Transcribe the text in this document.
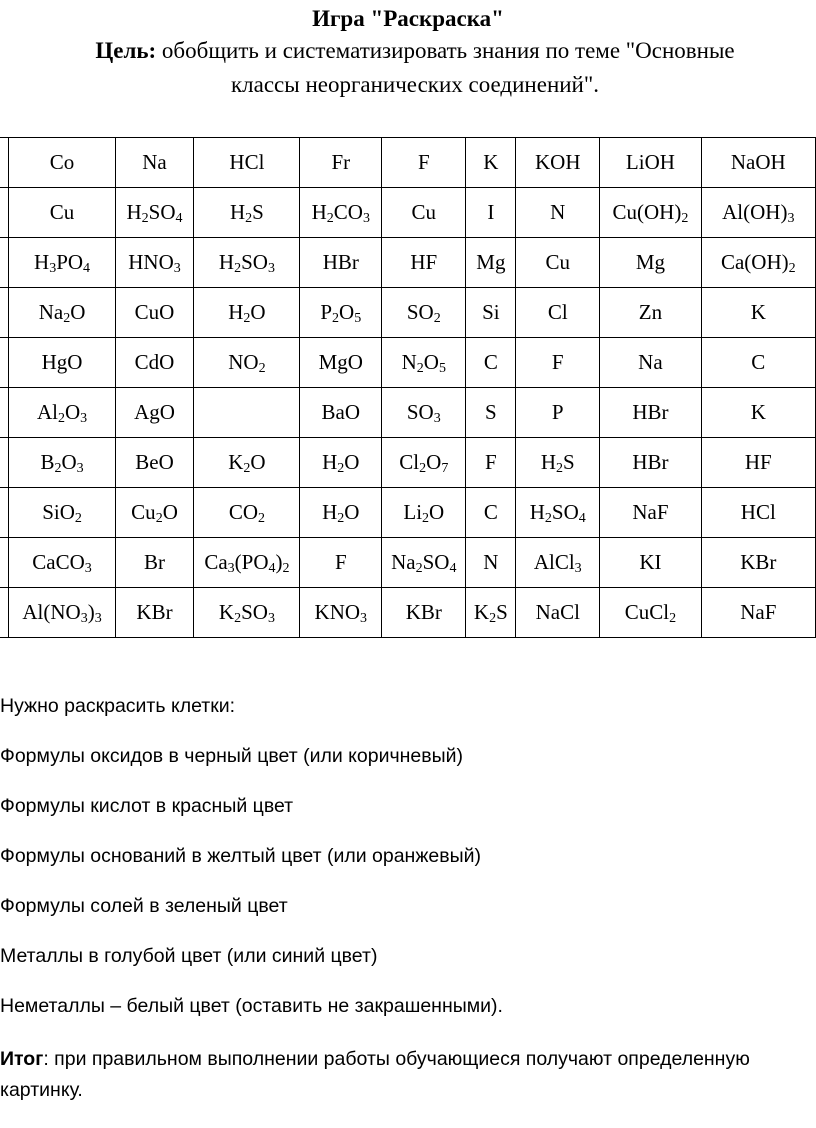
Игра "Раскраска"
Цель: обобщить и систематизировать знания по теме "Основные классы неорганических соединений".

	Co	Na	HCl	Fr	F	K	KOH	LiOH	NaOH

	Cu	$H_2SO_4$	$H_2S$	$H_2CO_3$	Cu	I	N	$Cu(OH)_2$	$Al(OH)_3$

	$H_3PO_4$	$HNO_3$	$H_2SO_3$	HBr	HF	Mg	Cu	Mg	$Ca(OH)_2$

	$Na_2O$	CuO	$H_2O$	$P_2O_5$	$SO_2$	Si	Cl	Zn	K

	HgO	CdO	$NO_2$	MgO	$N_2O_5$	C	F	Na	C

	$Al_2O_3$	AgO		BaO	$SO_3$	S	P	HBr	K

	$B_2O_3$	BeO	$K_2O$	$H_2O$	$Cl_2O_7$	F	$H_2S$	HBr	HF

	SiO$_2$	$Cu_2O$	$CO_2$	$H_2O$	$Li_2O$	C	$H_2SO_4$	NaF	HCl

	CaCO$_3$	Br	$Ca_3(PO_4)_2$	F	$Na_2SO_4$	N	AlCl$_3$	KI	KBr

	$Al(NO_3)_3$	KBr	$K_2SO_3$	$KNO_3$	KBr	$K_2S$	NaCl	CuCl$_2$	NaF

Нужно раскрасить клетки:

Формулы оксидов в черный цвет (или коричневый)

Формулы кислот в красный цвет

Формулы оснований в желтый цвет (или оранжевый)

Формулы солей в зеленый цвет

Металлы в голубой цвет (или синий цвет)

Неметаллы – белый цвет (оставить не закрашенными).

Итог: при правильном выполнении работы обучающиеся получают определенную картинку.
